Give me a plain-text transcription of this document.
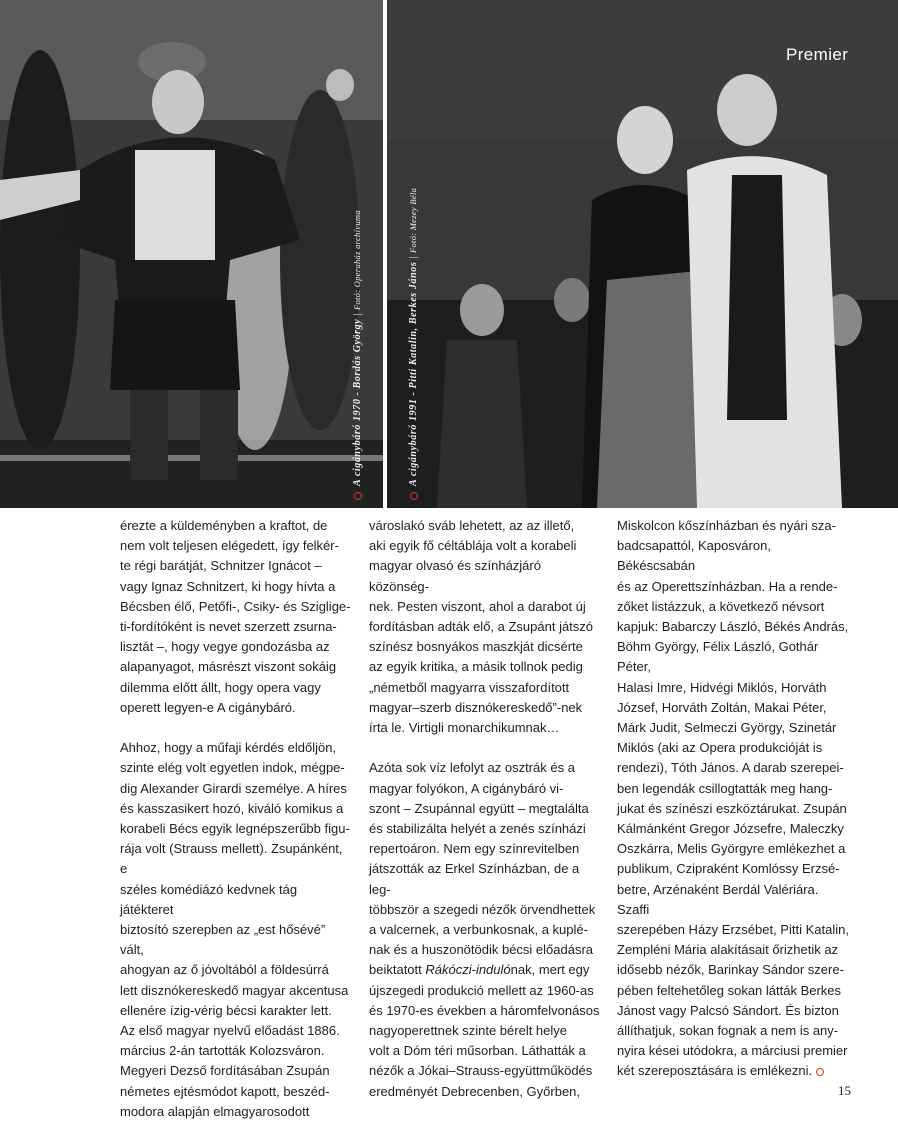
A cigánybáró 1970 - Bordás György | Fotó: Operaház archívuma
A cigánybáró 1991 - Pitti Katalin, Berkes János | Fotó: Mezey Béla
Premier

érezte a küldeményben a kraftot, de
nem volt teljesen elégedett, így felkér-
te régi barátját, Schnitzer Ignácot –
vagy Ignaz Schnitzert, ki hogy hívta a
Bécsben élő, Petőfi-, Csiky- és Szigligе-
ti-fordítóként is nevet szerzett zsurna-
lisztát –, hogy vegye gondozásba az
alapanyagot, másrészt viszont sokáig
dilemma előtt állt, hogy opera vagy
operett legyen-e A cigánybáró.

Ahhoz, hogy a műfaji kérdés eldőljön,
szinte elég volt egyetlen indok, mégpe-
dig Alexander Girardi személye. A híres
és kasszasikert hozó, kiváló komikus a
korabeli Bécs egyik legnépszerűbb figu-
rája volt (Strauss mellett). Zsupánként, e
széles komédiázó kedvnek tág játékteret
biztosító szerepben az „est hősévé” vált,
ahogyan az ő jóvoltából a földesúrrá
lett disznókereskedő magyar akcentusa
ellenére ízig-vérig bécsi karakter lett.
Az első magyar nyelvű előadást 1886.
március 2-án tartották Kolozsváron.
Megyeri Dezső fordításában Zsupán
németes ejtésmódot kapott, beszéd-
modora alapján elmagyarosodott

városlakó sváb lehetett, az az illető,
aki egyik fő céltáblája volt a korabeli
magyar olvasó és színházjáró közönség-
nek. Pesten viszont, ahol a darabot új
fordításban adták elő, a Zsupánt játszó
színész bosnyákos maszkját dicsérte
az egyik kritika, a másik tollnok pedig
„németből magyarra visszafordított
magyar–szerb disznókereskedő”-nek
írta le. Virtigli monarchikumnak…

Azóta sok víz lefolyt az osztrák és a
magyar folyókon, A cigánybáró vi-
szont – Zsupánnal együtt – megtalálta
és stabilizálta helyét a zenés színházi
repertoáron. Nem egy színrevitelben
játszották az Erkel Színházban, de a leg-
többször a szegedi nézők örvendhettek
a valcernek, a verbunkosnak, a kuplé-
nak és a huszonötödik bécsi előadásra
beiktatott Rákóczi-indulónak, mert egy
újszegedi produkció mellett az 1960-as
és 1970-es években a háromfelvonásos
nagyoperettnek szinte bérelt helye
volt a Dóm téri műsorban. Láthatták a
nézők a Jókai–Strauss-együttműködés
eredményét Debrecenben, Győrben,

Miskolcon kőszínházban és nyári sza-
badcsapattól, Kaposváron, Békéscsabán
és az Operettszínházban. Ha a rende-
zőket listázzuk, a következő névsort
kapjuk: Babarczy László, Békés András,
Böhm György, Félix László, Gothár Péter,
Halasi Imre, Hidvégi Miklós, Horváth
József, Horváth Zoltán, Makai Péter,
Márk Judit, Selmeczi György, Szinetár
Miklós (aki az Opera produkcióját is
rendezi), Tóth János. A darab szerepei-
ben legendák csillogtatták meg hang-
jukat és színészi eszköztárukat. Zsupán
Kálmánként Gregor Józsefre, Maleczky
Oszkárra, Melis Györgyre emlékezhet a
publikum, Czipraként Komlóssy Erzsé-
betre, Arzénaként Berdál Valériára. Szaffi
szerepében Házy Erzsébet, Pitti Katalin,
Zempléni Mária alakításait őrizhetik az
idősebb nézők, Barinkay Sándor szere-
pében feltehetőleg sokan látták Berkes
Jánost vagy Palcsó Sándort. És bizton
állíthatjuk, sokan fognak a nem is any-
nyira kései utódokra, a márciusi premier
két szereposztására is emlékezni.

15
